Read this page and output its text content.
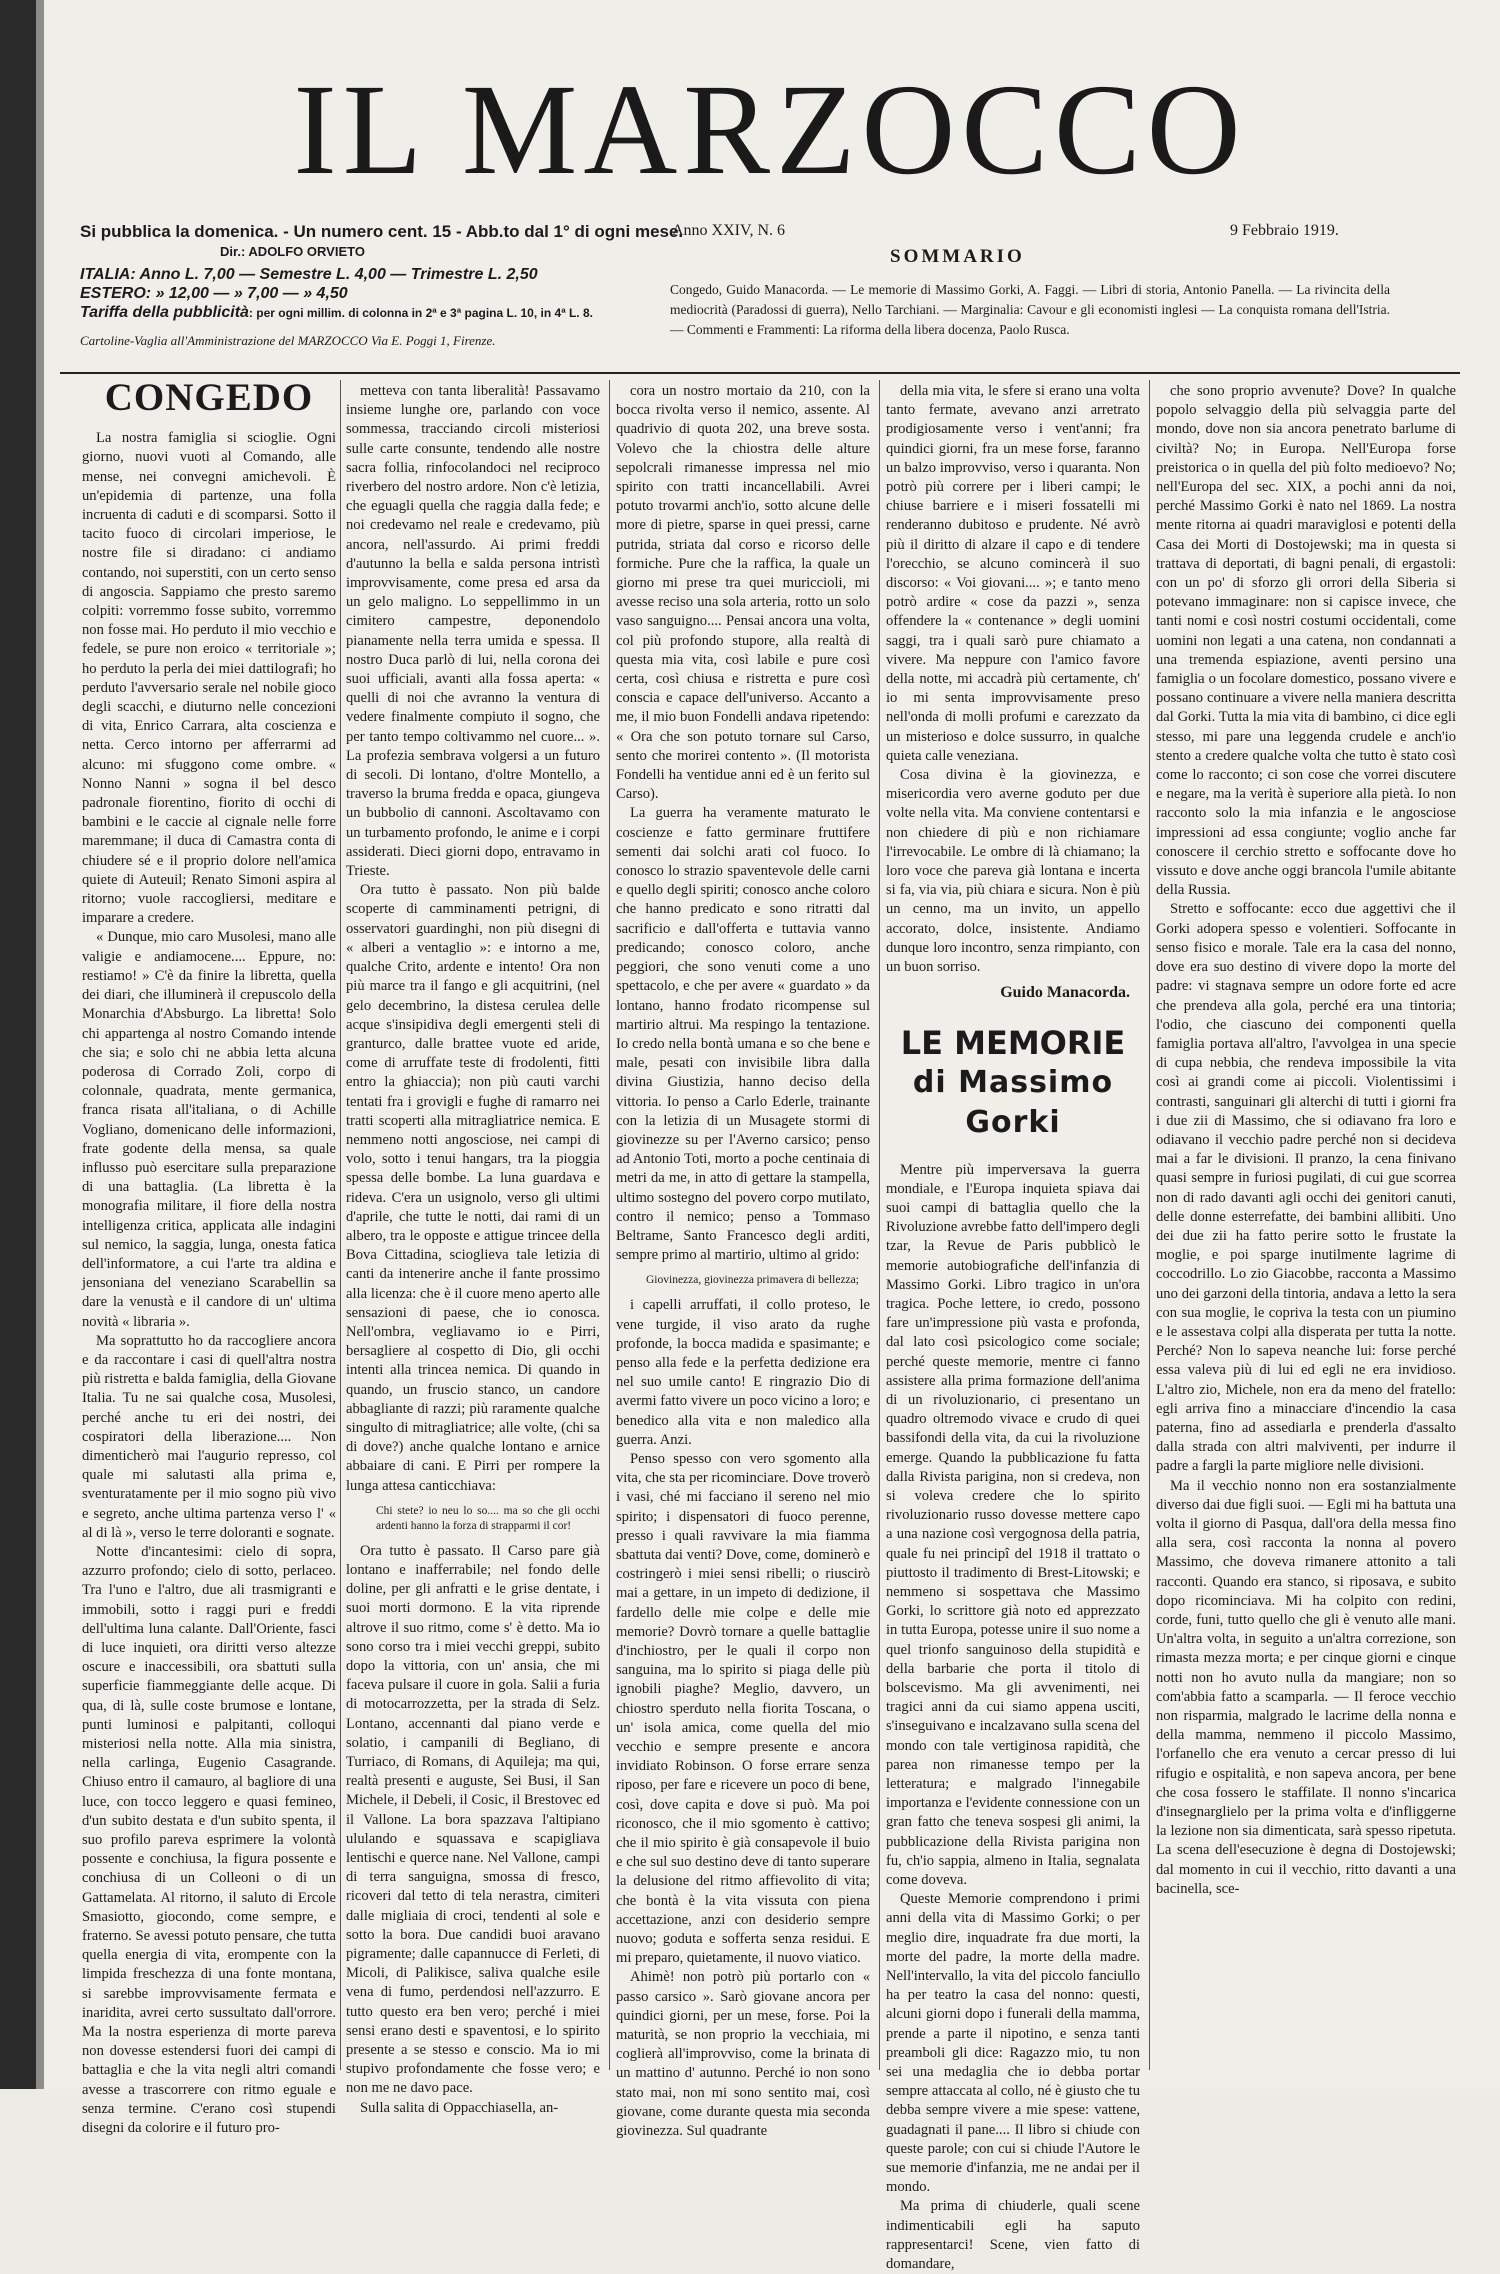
IL MARZOCCO
Si pubblica la domenica. - Un numero cent. 15 - Abb.to dal 1° di ogni mese.
Dir.: ADOLFO ORVIETO
ITALIA: Anno L. 7,00 — Semestre L. 4,00 — Trimestre L. 2,50
ESTERO: » 12,00 — » 7,00 — » 4,50
Tariffa della pubblicità: per ogni millim. di colonna in 2ª e 3ª pagina L. 10, in 4ª L. 8.
Cartoline-Vaglia all'Amministrazione del MARZOCCO Via E. Poggi 1, Firenze.
Anno XXIV, N. 6	9 Febbraio 1919.
SOMMARIO
Congedo, Guido Manacorda. — Le memorie di Massimo Gorki, A. Faggi. — Libri di storia, Antonio Panella. — La rivincita della mediocrità (Paradossi di guerra), Nello Tarchiani. — Marginalia: Cavour e gli economisti inglesi — La conquista romana dell'Istria. — Commenti e Frammenti: La riforma della libera docenza, Paolo Rusca.
CONGEDO

La nostra famiglia si scioglie. Ogni giorno, nuovi vuoti al Comando, alle mense, nei convegni amichevoli. È un'epidemia di partenze, una folla incruenta di caduti e di scomparsi. Sotto il tacito fuoco di circolari imperiose, le nostre file si diradano: ci andiamo contando, noi superstiti, con un certo senso di angoscia. Sappiamo che presto saremo colpiti: vorremmo fosse subito, vorremmo non fosse mai. Ho perduto il mio vecchio e fedele, se pure non eroico « territoriale »; ho perduto la perla dei miei dattilografi; ho perduto l'avversario serale nel nobile gioco degli scacchi, e diuturno nelle concezioni di vita, Enrico Carrara, alta coscienza e netta. Cerco intorno per afferrarmi ad alcuno: mi sfuggono come ombre. « Nonno Nanni » sogna il bel desco padronale fiorentino, fiorito di occhi di bambini e le caccie al cignale nelle forre maremmane; il duca di Camastra conta di chiudere sé e il proprio dolore nell'amica quiete di Auteuil; Renato Simoni aspira al ritorno; vuole raccogliersi, meditare e imparare a credere.

« Dunque, mio caro Musolesi, mano alle valigie e andiamocene.... Eppure, no: restiamo! » C'è da finire la libretta, quella dei diari, che illuminerà il crepuscolo della Monarchia d'Absburgo. La libretta! Solo chi appartenga al nostro Comando intende che sia; e solo chi ne abbia letta alcuna poderosa di Corrado Zoli, corpo di colonnale, quadrata, mente germanica, franca risata all'italiana, o di Achille Vogliano, domenicano delle informazioni, frate godente della mensa, sa quale influsso può esercitare sulla preparazione di una battaglia. (La libretta è la monografia militare, il fiore della nostra intelligenza critica, applicata alle indagini sul nemico, la saggia, lunga, onesta fatica dell'informatore, a cui l'arte tra aldina e jensoniana del veneziano Scarabellin sa dare la venustà e il candore di un' ultima novità « libraria ».

Ma soprattutto ho da raccogliere ancora e da raccontare i casi di quell'altra nostra più ristretta e balda famiglia, della Giovane Italia. Tu ne sai qualche cosa, Musolesi, perché anche tu eri dei nostri, dei cospiratori della liberazione.... Non dimenticherò mai l'augurio represso, col quale mi salutasti alla prima e, sventuratamente per il mio sogno più vivo e segreto, anche ultima partenza verso l' « al di là », verso le terre doloranti e sognate.

Notte d'incantesimi: cielo di sopra, azzurro profondo; cielo di sotto, perlaceo. Tra l'uno e l'altro, due ali trasmigranti e immobili, sotto i raggi puri e freddi dell'ultima luna calante. Dall'Oriente, fasci di luce inquieti, ora diritti verso altezze oscure e inaccessibili, ora sbattuti sulla superficie fiammeggiante delle acque. Di qua, di là, sulle coste brumose e lontane, punti luminosi e palpitanti, colloqui misteriosi nella notte. Alla mia sinistra, nella carlinga, Eugenio Casagrande. Chiuso entro il camauro, al bagliore di una luce, con tocco leggero e quasi femineo, d'un subito destata e d'un subito spenta, il suo profilo pareva esprimere la volontà possente e conchiusa, la figura possente e conchiusa di un Colleoni o di un Gattamelata. Al ritorno, il saluto di Ercole Smasiotto, giocondo, come sempre, e fraterno. Se avessi potuto pensare, che tutta quella energia di vita, erompente con la limpida freschezza di una fonte montana, si sarebbe improvvisamente fermata e inaridita, avrei certo sussultato dall'orrore. Ma la nostra esperienza di morte pareva non dovesse estendersi fuori dei campi di battaglia e che la vita negli altri comandi avesse a trascorrere con ritmo eguale e senza termine. C'erano così stupendi disegni da colorire e il futuro pro-

metteva con tanta liberalità! Passavamo insieme lunghe ore, parlando con voce sommessa, tracciando circoli misteriosi sulle carte consunte, tendendo alle nostre sacra follia, rinfocolandoci nel reciproco riverbero del nostro ardore. Non c'è letizia, che eguagli quella che raggia dalla fede; e noi credevamo nel reale e credevamo, più ancora, nell'assurdo. Ai primi freddi d'autunno la bella e salda persona intristì improvvisamente, come presa ed arsa da un gelo maligno. Lo seppellimmo in un cimitero campestre, deponendolo pianamente nella terra umida e spessa. Il nostro Duca parlò di lui, nella corona dei suoi ufficiali, avanti alla fossa aperta: « quelli di noi che avranno la ventura di vedere finalmente compiuto il sogno, che per tanto tempo coltivammo nel cuore... ». La profezia sembrava volgersi a un futuro di secoli. Di lontano, d'oltre Montello, a traverso la bruma fredda e opaca, giungeva un bubbolio di cannoni. Ascoltavamo con un turbamento profondo, le anime e i corpi assiderati. Dieci giorni dopo, entravamo in Trieste.

Ora tutto è passato. Non più balde scoperte di camminamenti petrigni, di osservatori guardinghi, non più disegni di « alberi a ventaglio »: e intorno a me, qualche Crito, ardente e intento! Ora non più marce tra il fango e gli acquitrini, (nel gelo decembrino, la distesa cerulea delle acque s'insipidiva degli emergenti steli di granturco, dalle brattee vuote ed aride, come di arruffate teste di frodolenti, fitti entro la ghiaccia); non più cauti varchi tentati fra i grovigli e fughe di ramarro nei tratti scoperti alla mitragliatrice nemica. E nemmeno notti angosciose, nei campi di volo, sotto i tenui hangars, tra la pioggia spessa delle bombe. La luna guardava e rideva. C'era un usignolo, verso gli ultimi d'aprile, che tutte le notti, dai rami di un albero, tra le opposte e attigue trincee della Bova Cittadina, scioglieva tale letizia di canti da intenerire anche il fante prossimo alla licenza: che è il cuore meno aperto alle sensazioni di paese, che io conosca. Nell'ombra, vegliavamo io e Pirri, bersagliere al cospetto di Dio, gli occhi intenti alla trincea nemica. Di quando in quando, un fruscio stanco, un candore abbagliante di razzi; più raramente qualche singulto di mitragliatrice; alle volte, (chi sa di dove?) anche qualche lontano e arnice abbaiare di cani. E Pirri per rompere la lunga attesa canticchiava:

Chi stete? io neu lo so.... ma so che gli occhi ardenti hanno la forza di strapparmi il cor!

Ora tutto è passato. Il Carso pare già lontano e inafferrabile; nel fondo delle doline, per gli anfratti e le grise dentate, i suoi morti dormono. E la vita riprende altrove il suo ritmo, come s' è detto. Ma io sono corso tra i miei vecchi greppi, subito dopo la vittoria, con un' ansia, che mi faceva pulsare il cuore in gola. Salii a furia di motocarrozzetta, per la strada di Selz. Lontano, accennanti dal piano verde e solatio, i campanili di Begliano, di Turriaco, di Romans, di Aquileja; ma qui, realtà presenti e auguste, Sei Busi, il San Michele, il Debeli, il Cosic, il Brestovec ed il Vallone. La bora spazzava l'altipiano ululando e squassava e scapigliava lentischi e querce nane. Nel Vallone, campi di terra sanguigna, smossa di fresco, ricoveri dal tetto di tela nerastra, cimiteri dalle migliaia di croci, tendenti al sole e sotto la bora. Due candidi buoi aravano pigramente; dalle capannucce di Ferleti, di Micoli, di Palikisce, saliva qualche esile vena di fumo, perdendosi nell'azzurro. E tutto questo era ben vero; perché i miei sensi erano desti e spaventosi, e lo spirito presente a se stesso e conscio. Ma io mi stupivo profondamente che fosse vero; e non me ne davo pace.

Sulla salita di Oppacchiasella, an-

cora un nostro mortaio da 210, con la bocca rivolta verso il nemico, assente. Al quadrivio di quota 202, una breve sosta. Volevo che la chiostra delle alture sepolcrali rimanesse impressa nel mio spirito con tratti incancellabili. Avrei potuto trovarmi anch'io, sotto alcune delle more di pietre, sparse in quei pressi, carne putrida, striata dal corso e ricorso delle formiche. Pure che la raffica, la quale un giorno mi prese tra quei muriccioli, mi avesse reciso una sola arteria, rotto un solo vaso sanguigno.... Pensai ancora una volta, col più profondo stupore, alla realtà di questa mia vita, così labile e pure così certa, così chiusa e ristretta e pure così conscia e capace dell'universo. Accanto a me, il mio buon Fondelli andava ripetendo: « Ora che son potuto tornare sul Carso, sento che morirei contento ». (Il motorista Fondelli ha ventidue anni ed è un ferito sul Carso).

La guerra ha veramente maturato le coscienze e fatto germinare fruttifere sementi dai solchi arati col fuoco. Io conosco lo strazio spaventevole delle carni e quello degli spiriti; conosco anche coloro che hanno predicato e sono ritratti dal sacrificio e dall'offerta e tuttavia vanno predicando; conosco coloro, anche peggiori, che sono venuti come a uno spettacolo, e che per avere « guardato » da lontano, hanno frodato ricompense sul martirio altrui. Ma respingo la tentazione. Io credo nella bontà umana e so che bene e male, pesati con invisibile libra dalla divina Giustizia, hanno deciso della vittoria. Io penso a Carlo Ederle, trainante con la letizia di un Musagete stormi di giovinezze su per l'Averno carsico; penso ad Antonio Toti, morto a poche centinaia di metri da me, in atto di gettare la stampella, ultimo sostegno del povero corpo mutilato, contro il nemico; penso a Tommaso Beltrame, Santo Francesco degli arditi, sempre primo al martirio, ultimo al grido:

Giovinezza, giovinezza primavera di bellezza;

i capelli arruffati, il collo proteso, le vene turgide, il viso arato da rughe profonde, la bocca madida e spasimante; e penso alla fede e la perfetta dedizione era nel suo umile canto! E ringrazio Dio di avermi fatto vivere un poco vicino a loro; e benedico alla vita e non maledico alla guerra. Anzi.

Penso spesso con vero sgomento alla vita, che sta per ricominciare. Dove troverò i vasi, ché mi facciano il sereno nel mio spirito; i dispensatori di fuoco perenne, presso i quali ravvivare la mia fiamma sbattuta dai venti? Dove, come, dominerò e costringerò i miei sensi ribelli; o riuscirò mai a gettare, in un impeto di dedizione, il fardello delle mie colpe e delle mie memorie? Dovrò tornare a quelle battaglie d'inchiostro, per le quali il corpo non sanguina, ma lo spirito si piaga delle più ignobili piaghe? Meglio, davvero, un chiostro sperduto nella fiorita Toscana, o un' isola amica, come quella del mio vecchio e sempre presente e ancora invidiato Robinson. O forse errare senza riposo, per fare e ricevere un poco di bene, così, dove capita e dove si può. Ma poi riconosco, che il mio sgomento è cattivo; che il mio spirito è già consapevole il buio e che sul suo destino deve di tanto superare la delusione del ritmo affievolito di vita; che bontà è la vita vissuta con piena accettazione, anzi con desiderio sempre nuovo; goduta e sofferta senza residui. E mi preparo, quietamente, il nuovo viatico.

Ahimè! non potrò più portarlo con « passo carsico ». Sarò giovane ancora per quindici giorni, per un mese, forse. Poi la maturità, se non proprio la vecchiaia, mi coglierà all'improvviso, come la brinata di un mattino d' autunno. Perché io non sono stato mai, non mi sono sentito mai, così giovane, come durante questa mia seconda giovinezza. Sul quadrante

della mia vita, le sfere si erano una volta tanto fermate, avevano anzi arretrato prodigiosamente verso i vent'anni; fra quindici giorni, fra un mese forse, faranno un balzo improvviso, verso i quaranta. Non potrò più correre per i liberi campi; le chiuse barriere e i miseri fossatelli mi renderanno dubitoso e prudente. Né avrò più il diritto di alzare il capo e di tendere l'orecchio, se alcuno comincerà il suo discorso: « Voi giovani.... »; e tanto meno potrò ardire « cose da pazzi », senza offendere la « contenance » degli uomini saggi, tra i quali sarò pure chiamato a vivere. Ma neppure con l'amico favore della notte, mi accadrà più certamente, ch' io mi senta improvvisamente preso nell'onda di molli profumi e carezzato da un misterioso e dolce sussurro, in qualche quieta calle veneziana.

Cosa divina è la giovinezza, e misericordia vero averne goduto per due volte nella vita. Ma conviene contentarsi e non chiedere di più e non richiamare l'irrevocabile. Le ombre di là chiamano; la loro voce che pareva già lontana e incerta si fa, via via, più chiara e sicura. Non è più un cenno, ma un invito, un appello accorato, dolce, insistente. Andiamo dunque loro incontro, senza rimpianto, con un buon sorriso.

Guido Manacorda.
LE MEMORIE
di Massimo Gorki

Mentre più imperversava la guerra mondiale, e l'Europa inquieta spiava dai suoi campi di battaglia quello che la Rivoluzione avrebbe fatto dell'impero degli tzar, la Revue de Paris pubblicò le memorie autobiografiche dell'infanzia di Massimo Gorki. Libro tragico in un'ora tragica. Poche lettere, io credo, possono fare un'impressione più vasta e profonda, dal lato così psicologico come sociale; perché queste memorie, mentre ci fanno assistere alla prima formazione dell'anima di un rivoluzionario, ci presentano un quadro oltremodo vivace e crudo di quei bassifondi della vita, da cui la rivoluzione emerge. Quando la pubblicazione fu fatta dalla Rivista parigina, non si credeva, non si voleva credere che lo spirito rivoluzionario russo dovesse mettere capo a una nazione così vergognosa della patria, quale fu nei principî del 1918 il trattato o piuttosto il tradimento di Brest-Litowski; e nemmeno si sospettava che Massimo Gorki, lo scrittore già noto ed apprezzato in tutta Europa, potesse unire il suo nome a quel trionfo sanguinoso della stupidità e della barbarie che porta il titolo di bolscevismo. Ma gli avvenimenti, nei tragici anni da cui siamo appena usciti, s'inseguivano e incalzavano sulla scena del mondo con tale vertiginosa rapidità, che parea non rimanesse tempo per la letteratura; e malgrado l'innegabile importanza e l'evidente connessione con un gran fatto che teneva sospesi gli animi, la pubblicazione della Rivista parigina non fu, ch'io sappia, almeno in Italia, segnalata come doveva.

Queste Memorie comprendono i primi anni della vita di Massimo Gorki; o per meglio dire, inquadrate fra due morti, la morte del padre, la morte della madre. Nell'intervallo, la vita del piccolo fanciullo ha per teatro la casa del nonno: questi, alcuni giorni dopo i funerali della mamma, prende a parte il nipotino, e senza tanti preamboli gli dice: Ragazzo mio, tu non sei una medaglia che io debba portar sempre attaccata al collo, né è giusto che tu debba sempre vivere a mie spese: vattene, guadagnati il pane.... Il libro si chiude con queste parole; con cui si chiude l'Autore le sue memorie d'infanzia, me ne andai per il mondo.

Ma prima di chiuderle, quali scene indimenticabili egli ha saputo rappresentarci! Scene, vien fatto di domandare,

che sono proprio avvenute? Dove? In qualche popolo selvaggio della più selvaggia parte del mondo, dove non sia ancora penetrato barlume di civiltà? No; in Europa. Nell'Europa forse preistorica o in quella del più folto medioevo? No; nell'Europa del sec. XIX, a pochi anni da noi, perché Massimo Gorki è nato nel 1869. La nostra mente ritorna ai quadri maraviglosi e potenti della Casa dei Morti di Dostojewski; ma in questa si trattava di deportati, di bagni penali, di ergastoli: con un po' di sforzo gli orrori della Siberia si potevano immaginare: non si capisce invece, che tanti nomi e così nostri costumi occidentali, come uomini non legati a una catena, non condannati a una tremenda espiazione, aventi persino una famiglia o un focolare domestico, possano vivere e possano continuare a vivere nella maniera descritta dal Gorki. Tutta la mia vita di bambino, ci dice egli stesso, mi pare una leggenda crudele e anch'io stento a credere qualche volta che tutto è stato così come lo racconto; ci son cose che vorrei discutere e negare, ma la verità è superiore alla pietà. Io non racconto solo la mia infanzia e le angosciose impressioni ad essa congiunte; voglio anche far conoscere il cerchio stretto e soffocante dove ho vissuto e dove anche oggi brancola l'umile abitante della Russia.

Stretto e soffocante: ecco due aggettivi che il Gorki adopera spesso e volentieri. Soffocante in senso fisico e morale. Tale era la casa del nonno, dove era suo destino di vivere dopo la morte del padre: vi stagnava sempre un odore forte ed acre che prendeva alla gola, perché era una tintoria; l'odio, che ciascuno dei componenti quella famiglia portava all'altro, l'avvolgea in una specie di cupa nebbia, che rendeva impossibile la vita così ai grandi come ai piccoli. Violentissimi i contrasti, sanguinari gli alterchi di tutti i giorni fra i due zii di Massimo, che si odiavano fra loro e odiavano il vecchio padre perché non si decideva mai a far le divisioni. Il pranzo, la cena finivano quasi sempre in furiosi pugilati, di cui gue scorrea non di rado davanti agli occhi dei genitori canuti, delle donne esterrefatte, dei bambini allibiti. Uno dei due zii ha fatto perire sotto le frustate la moglie, e poi sparge inutilmente lagrime di coccodrillo. Lo zio Giacobbe, racconta a Massimo uno dei garzoni della tintoria, andava a letto la sera con sua moglie, le copriva la testa con un piumino e le assestava colpi alla disperata per tutta la notte. Perché? Non lo sapeva neanche lui: forse perché essa valeva più di lui ed egli ne era invidioso. L'altro zio, Michele, non era da meno del fratello: egli arriva fino a minacciare d'incendio la casa paterna, fino ad assediarla e prenderla d'assalto dalla strada con altri malviventi, per indurre il padre a fargli la parte migliore nelle divisioni.

Ma il vecchio nonno non era sostanzialmente diverso dai due figli suoi. — Egli mi ha battuta una volta il giorno di Pasqua, dall'ora della messa fino alla sera, così racconta la nonna al povero Massimo, che doveva rimanere attonito a tali racconti. Quando era stanco, si riposava, e subito dopo ricominciava. Mi ha colpito con redini, corde, funi, tutto quello che gli è venuto alle mani. Un'altra volta, in seguito a un'altra correzione, son rimasta mezza morta; e per cinque giorni e cinque notti non ho avuto nulla da mangiare; non so com'abbia fatto a scamparla. — Il feroce vecchio non risparmia, malgrado le lacrime della nonna e della mamma, nemmeno il piccolo Massimo, l'orfanello che era venuto a cercar presso di lui rifugio e ospitalità, e non sapeva ancora, per bene che cosa fossero le staffilate. Il nonno s'incarica d'insegnarglielo per la prima volta e d'infliggerne la lezione non sia dimenticata, sarà spesso ripetuta. La scena dell'esecuzione è degna di Dostojewski; dal momento in cui il vecchio, ritto davanti a una bacinella, sce-
